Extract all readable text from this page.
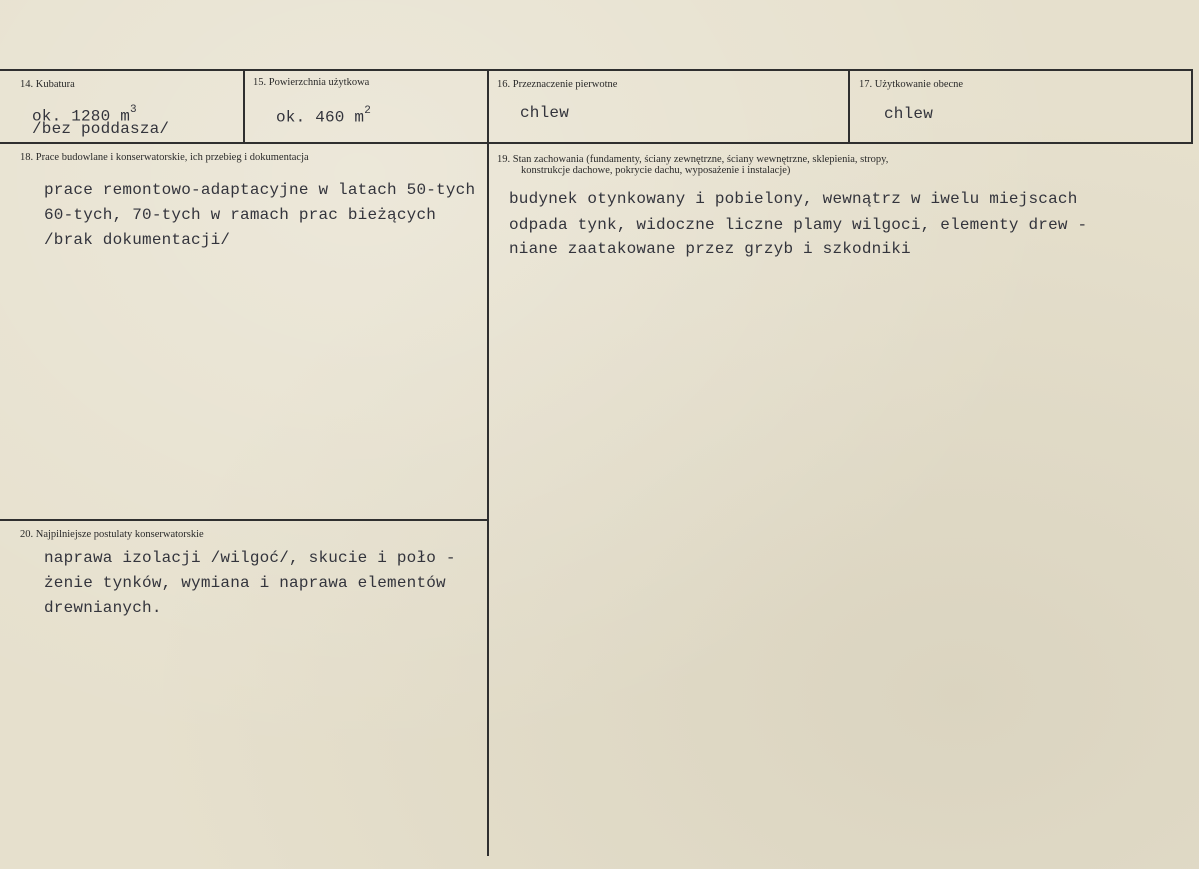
14. Kubatura
ok. 1280 $m^3$
/bez poddasza/
15. Powierzchnia użytkowa
ok. 460 $m^2$
16. Przeznaczenie pierwotne
chlew
17. Użytkowanie obecne
chlew
18. Prace budowlane i konserwatorskie, ich przebieg i dokumentacja
prace remontowo-adaptacyjne w latach 50-tych
60-tych, 70-tych w ramach prac bieżących
/brak dokumentacji/
19. Stan zachowania (fundamenty, ściany zewnętrzne, ściany wewnętrzne, sklepienia, stropy,
konstrukcje dachowe, pokrycie dachu, wyposażenie i instalacje)
budynek otynkowany i pobielony, wewnątrz w iwelu miejscach
odpada tynk, widoczne liczne plamy wilgoci, elementy drew -
niane zaatakowane przez grzyb i szkodniki
20. Najpilniejsze postulaty konserwatorskie
naprawa izolacji /wilgoć/, skucie i poło -
żenie tynków, wymiana i naprawa elementów
drewnianych.
